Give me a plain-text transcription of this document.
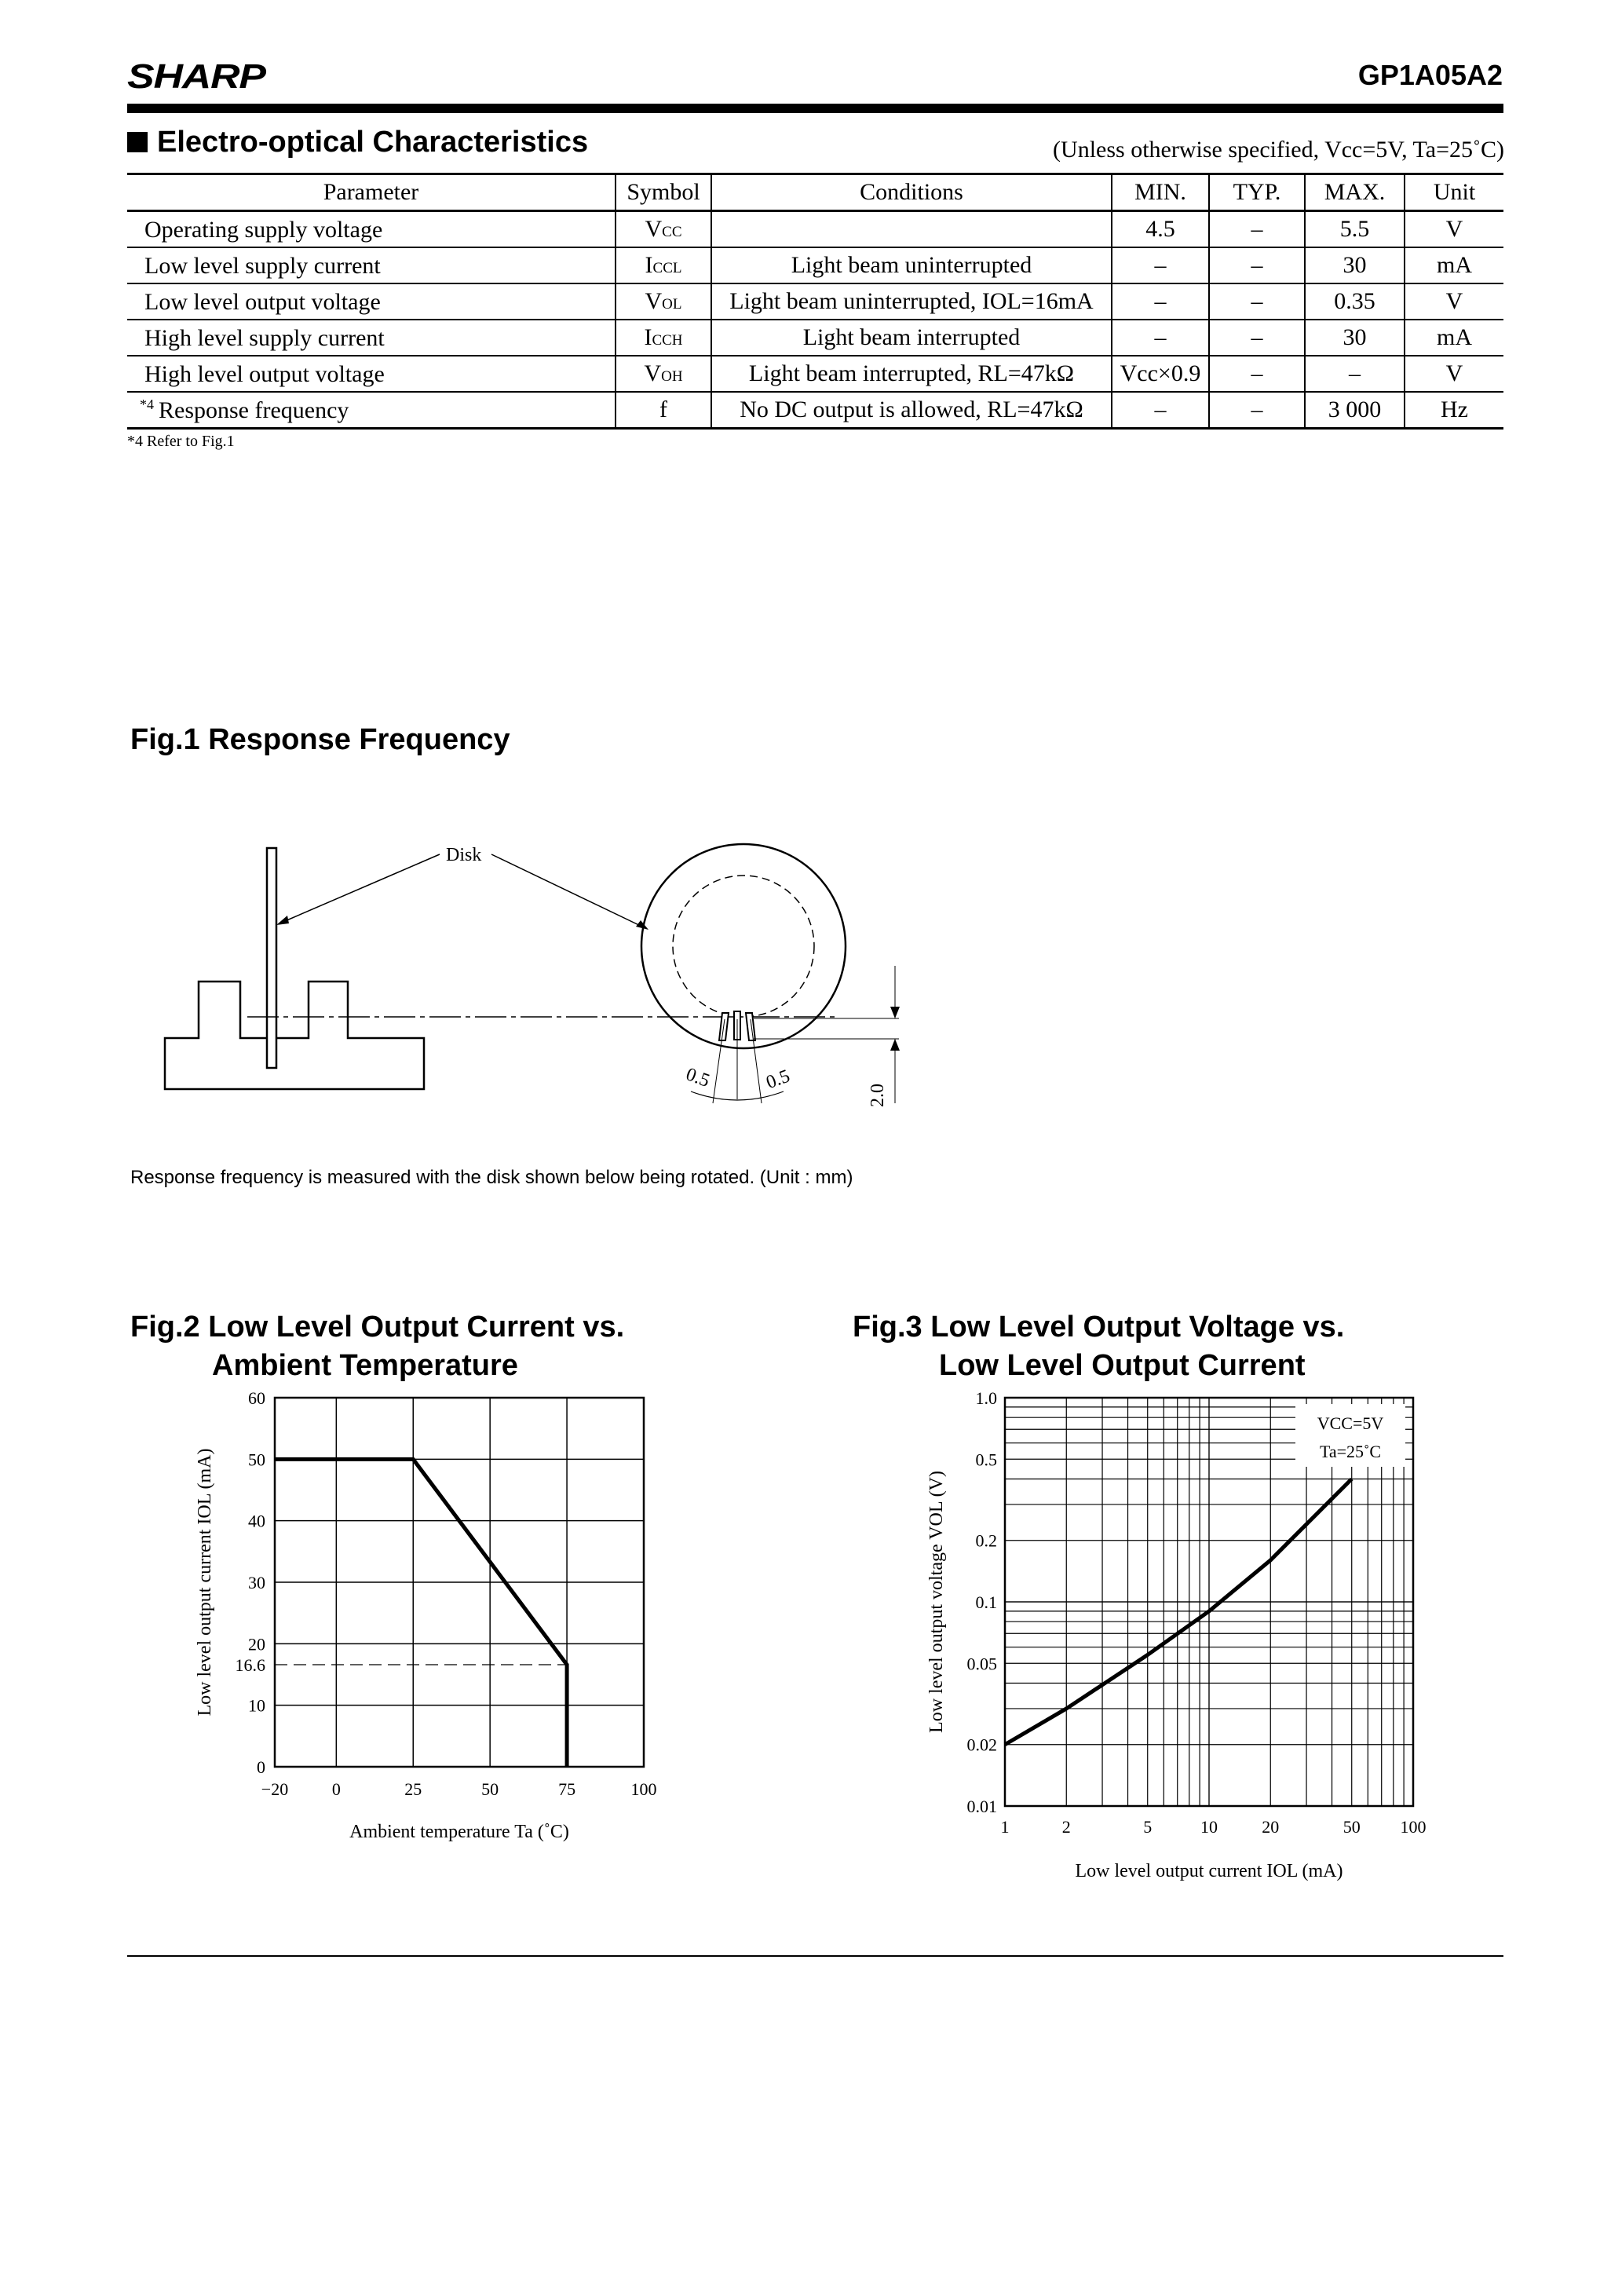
SHARP	GP1A05A2
Electro-optical Characteristics	(Unless otherwise specified, Vcc=5V, Ta=25˚C)
Parameter	Symbol	Conditions	MIN.	TYP.	MAX.	Unit
Operating supply voltage	VCC		4.5	–	5.5	V
Low level supply current	ICCL	Light beam uninterrupted	–	–	30	mA
Low level output voltage	VOL	Light beam uninterrupted, IOL=16mA	–	–	0.35	V
High level supply current	ICCH	Light beam interrupted	–	–	30	mA
High level output voltage	VOH	Light beam interrupted, RL=47kΩ	Vcc×0.9	–	–	V
$^{*4}$ Response frequency	f	No DC output is allowed, RL=47kΩ	–	–	3 000	Hz
*4 Refer to Fig.1
Fig.1 Response Frequency
Disk
0.5	0.5
2.0
Response frequency is measured with the disk shown below being rotated. (Unit : mm)
Fig.2 Low Level Output Current vs.
Ambient Temperature
−20	0	25	50	75	100
0
10
20
30
40
50
60
16.6
Ambient temperature Ta (˚C)
Low level output current IOL (mA)
Fig.3 Low Level Output Voltage vs.
Low Level Output Current
1	2	5	10	20	50 100
0.01
0.02
0.05
0.1
0.2
0.5
1.0
VCC=5V
Ta=25˚C
Low level output current IOL (mA)
Low level output voltage VOL (V)
